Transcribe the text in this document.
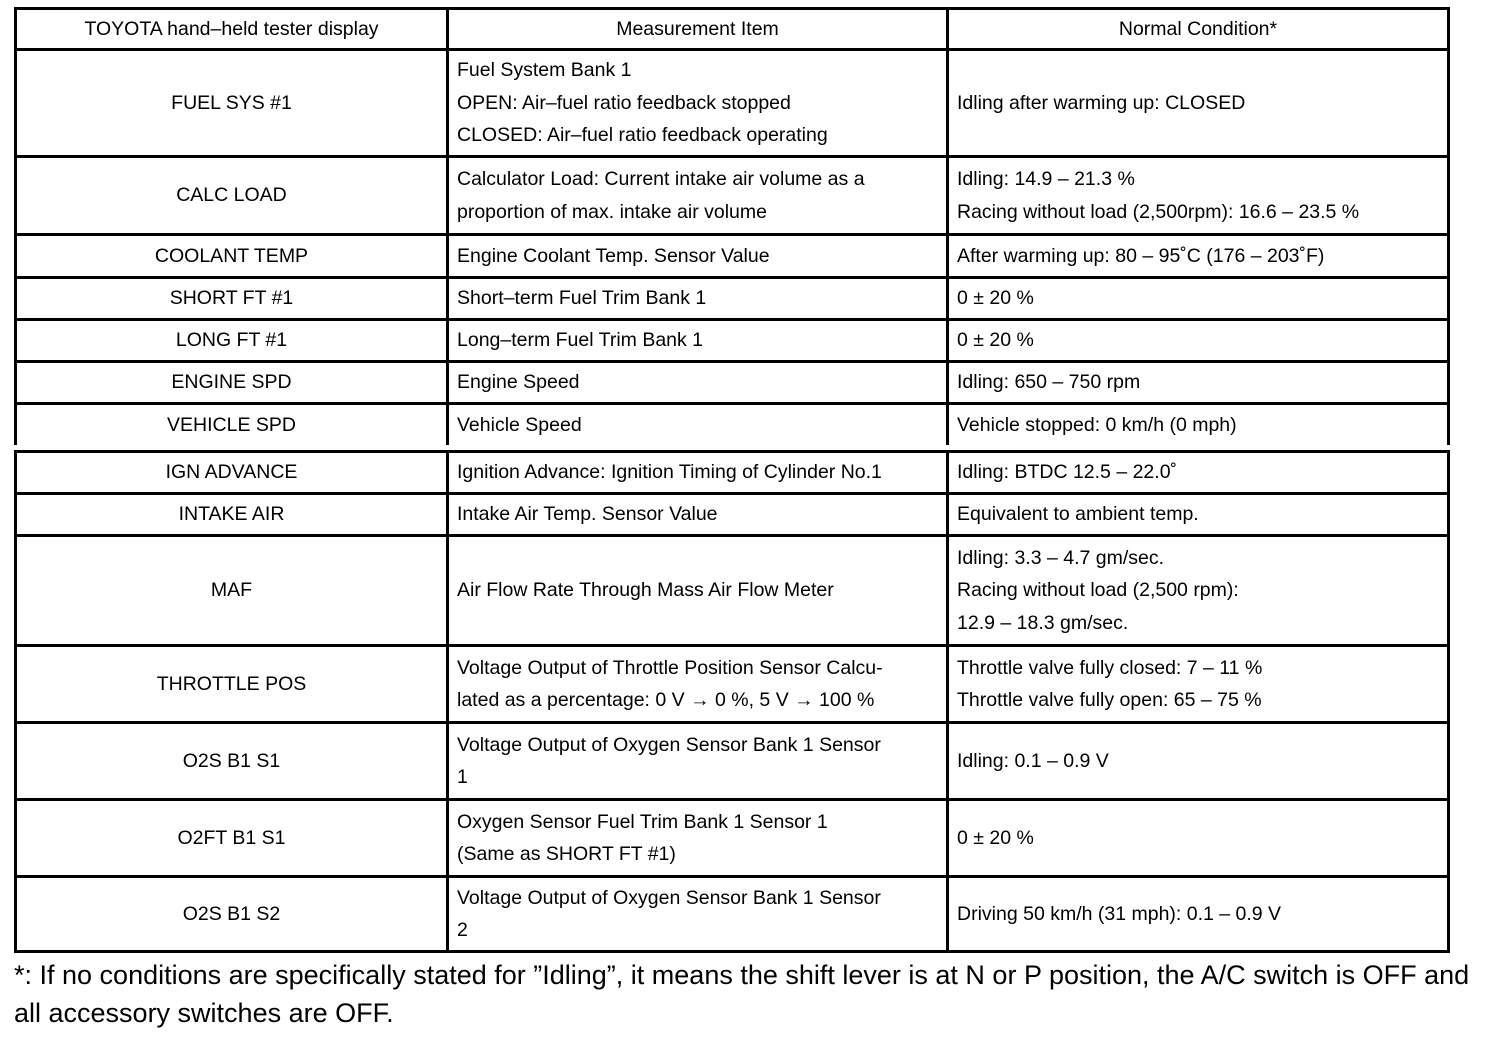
TOYOTA hand–held tester display	Measurement Item	Normal Condition*
FUEL SYS #1	Fuel System Bank 1
OPEN: Air–fuel ratio feedback stopped
CLOSED: Air–fuel ratio feedback operating	Idling after warming up: CLOSED

CALC LOAD	Calculator Load: Current intake air volume as a
proportion of max. intake air volume	Idling: 14.9 – 21.3 %
Racing without load (2,500rpm): 16.6 – 23.5 %

COOLANT TEMP	Engine Coolant Temp. Sensor Value	After warming up: 80 – 95˚C (176 – 203˚F)

SHORT FT #1	Short–term Fuel Trim Bank 1	0 ± 20 %

LONG FT #1	Long–term Fuel Trim Bank 1	0 ± 20 %

ENGINE SPD	Engine Speed	Idling: 650 – 750 rpm

VEHICLE SPD	Vehicle Speed	Vehicle stopped: 0 km/h (0 mph)
IGN ADVANCE	Ignition Advance: Ignition Timing of Cylinder No.1	Idling: BTDC 12.5 – 22.0˚

INTAKE AIR	Intake Air Temp. Sensor Value	Equivalent to ambient temp.

MAF	Air Flow Rate Through Mass Air Flow Meter	Idling: 3.3 – 4.7 gm/sec.
Racing without load (2,500 rpm):
12.9 – 18.3 gm/sec.

THROTTLE POS	Voltage Output of Throttle Position Sensor Calcu-
lated as a percentage: 0 V → 0 %, 5 V → 100 %	Throttle valve fully closed: 7 – 11 %
Throttle valve fully open: 65 – 75 %

O2S B1 S1	Voltage Output of Oxygen Sensor Bank 1 Sensor
1	Idling: 0.1 – 0.9 V

O2FT B1 S1	Oxygen Sensor Fuel Trim Bank 1 Sensor 1
(Same as SHORT FT #1)	0 ± 20 %

O2S B1 S2	Voltage Output of Oxygen Sensor Bank 1 Sensor
2	Driving 50 km/h (31 mph): 0.1 – 0.9 V

*: If no conditions are specifically stated for ”Idling”, it means the shift lever is at N or P position, the A/C switch is OFF and all accessory switches are OFF.
